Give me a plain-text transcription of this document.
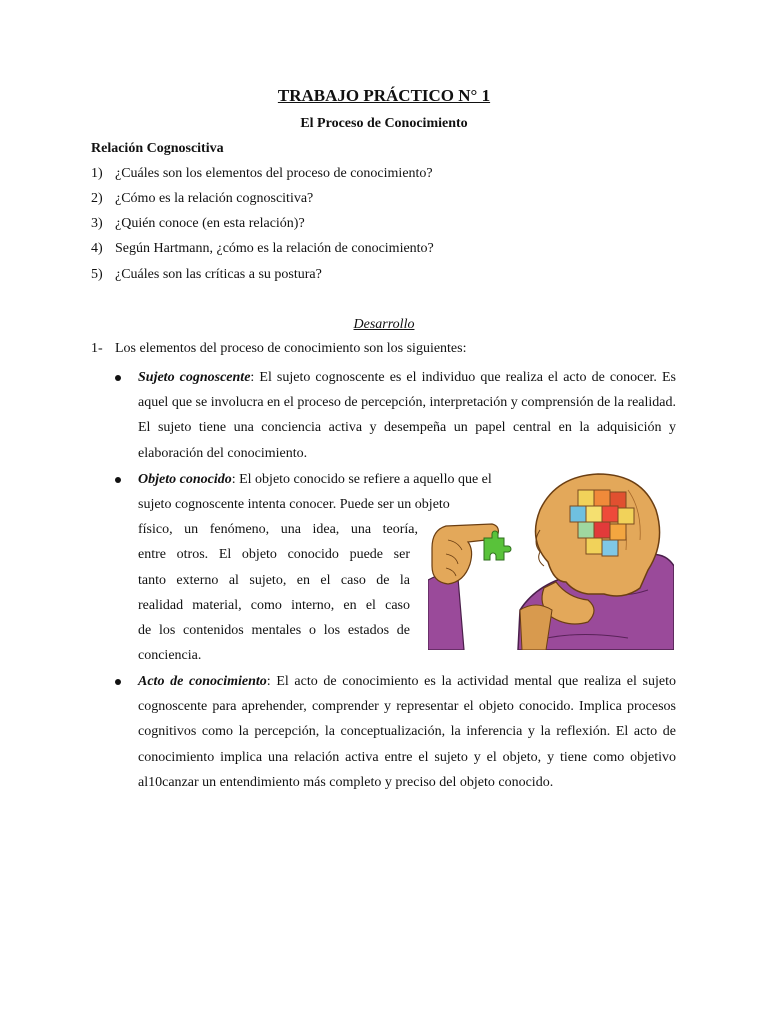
TRABAJO PRÁCTICO N° 1
El Proceso de Conocimiento
Relación Cognoscitiva
1) ¿Cuáles son los elementos del proceso de conocimiento?
2) ¿Cómo es la relación cognoscitiva?
3) ¿Quién conoce (en esta relación)?
4) Según Hartmann, ¿cómo es la relación de conocimiento?
5) ¿Cuáles son las críticas a su postura?
Desarrollo
1- Los elementos del proceso de conocimiento son los siguientes:
Sujeto cognoscente: El sujeto cognoscente es el individuo que realiza el acto de conocer. Es aquel que se involucra en el proceso de percepción, interpretación y comprensión de la realidad. El sujeto tiene una conciencia activa y desempeña un papel central en la adquisición y elaboración del conocimiento.
Objeto conocido: El objeto conocido se refiere a aquello que el
sujeto cognoscente intenta conocer. Puede ser un objeto
físico, un fenómeno, una idea, una teoría,
entre otros. El objeto conocido puede ser
tanto externo al sujeto, en el caso de la
realidad material, como interno, en el caso
de los contenidos mentales o los estados de
conciencia.
Acto de conocimiento: El acto de conocimiento es la actividad mental que realiza el sujeto cognoscente para aprehender, comprender y representar el objeto conocido. Implica procesos cognitivos como la percepción, la conceptualización, la inferencia y la reflexión. El acto de conocimiento implica una relación activa entre el sujeto y el objeto, y tiene como objetivo al10canzar un entendimiento más completo y preciso del objeto conocido.
